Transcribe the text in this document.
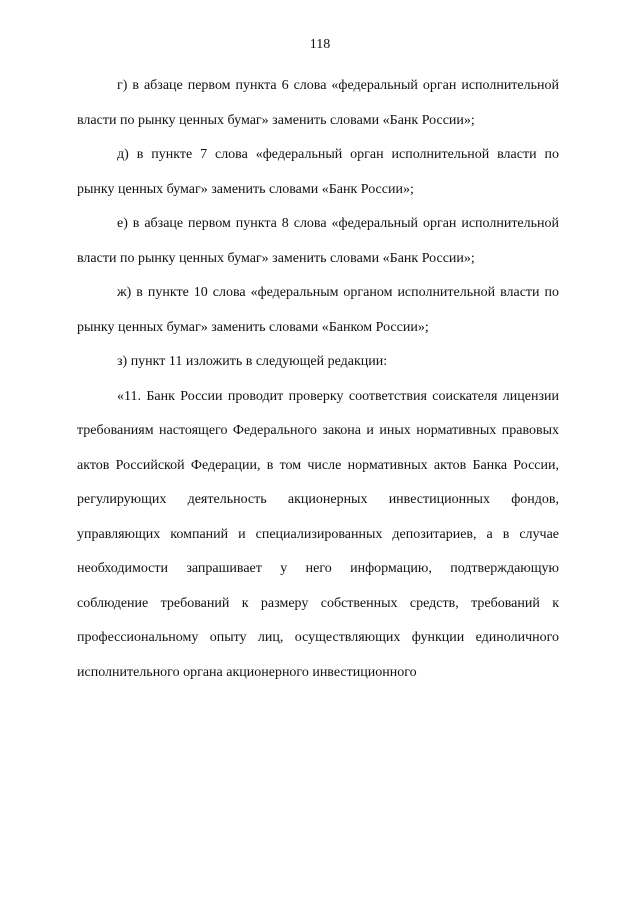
118

г) в абзаце первом пункта 6 слова «федеральный орган исполнительной власти по рынку ценных бумаг» заменить словами «Банк России»;

д) в пункте 7 слова «федеральный орган исполнительной власти по рынку ценных бумаг» заменить словами «Банк России»;

е) в абзаце первом пункта 8 слова «федеральный орган исполнительной власти по рынку ценных бумаг» заменить словами «Банк России»;

ж) в пункте 10 слова «федеральным органом исполнительной власти по рынку ценных бумаг» заменить словами «Банком России»;

з) пункт 11 изложить в следующей редакции:

«11. Банк России проводит проверку соответствия соискателя лицензии требованиям настоящего Федерального закона и иных нормативных правовых актов Российской Федерации, в том числе нормативных актов Банка России, регулирующих деятельность акционерных инвестиционных фондов, управляющих компаний и специализированных депозитариев, а в случае необходимости запрашивает у него информацию, подтверждающую соблюдение требований к размеру собственных средств, требований к профессиональному опыту лиц, осуществляющих функции единоличного исполнительного органа акционерного инвестиционного
